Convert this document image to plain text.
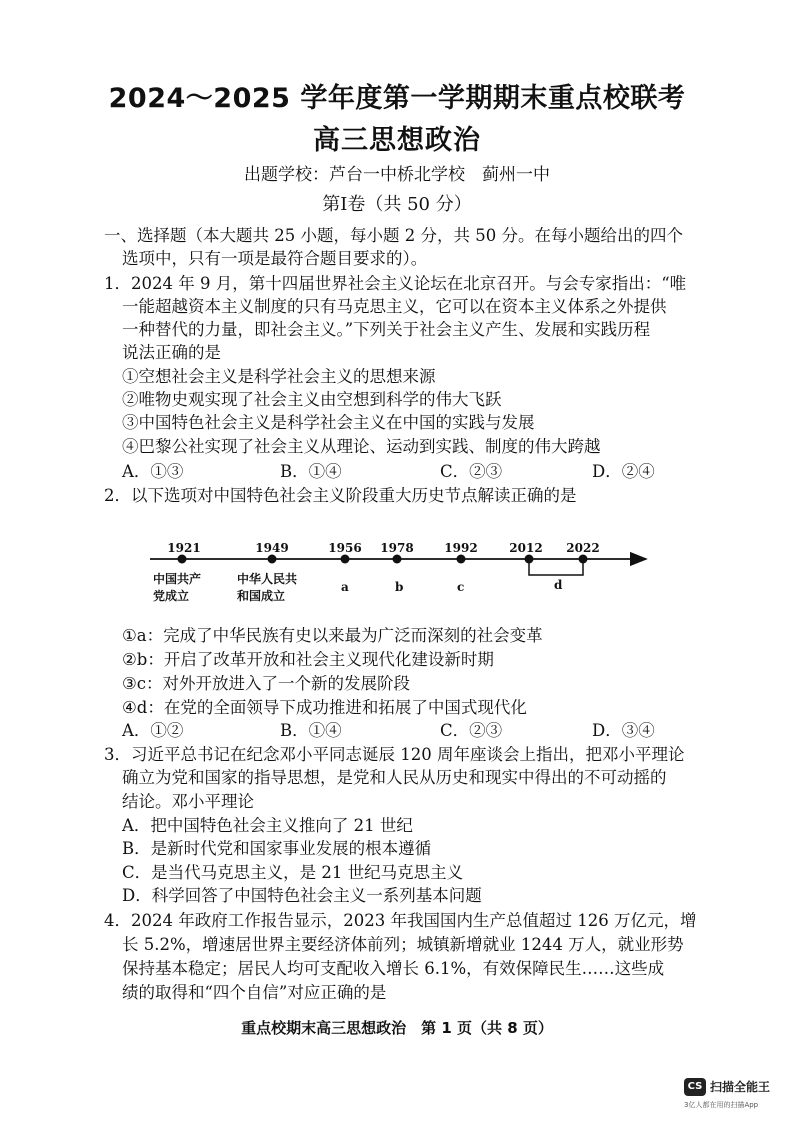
2024～2025 学年度第一学期期末重点校联考
高三思想政治
出题学校：芦台一中桥北学校　蓟州一中
第Ⅰ卷（共 50 分）
一、选择题（本大题共 25 小题，每小题 2 分，共 50 分。在每小题给出的四个
选项中，只有一项是最符合题目要求的）。
1．2024 年 9 月，第十四届世界社会主义论坛在北京召开。与会专家指出：“唯
一能超越资本主义制度的只有马克思主义，它可以在资本主义体系之外提供
一种替代的力量，即社会主义。”下列关于社会主义产生、发展和实践历程
说法正确的是
①空想社会主义是科学社会主义的思想来源
②唯物史观实现了社会主义由空想到科学的伟大飞跃
③中国特色社会主义是科学社会主义在中国的实践与发展
④巴黎公社实现了社会主义从理论、运动到实践、制度的伟大跨越
A．①③	B．①④	C．②③	D．②④
2．以下选项对中国特色社会主义阶段重大历史节点解读正确的是
1921	1949	1956 1978	1992	2012 2022
中国共产
党成立
中华人民共
和国成立
a	b	c	d
①a：完成了中华民族有史以来最为广泛而深刻的社会变革
②b：开启了改革开放和社会主义现代化建设新时期
③c：对外开放进入了一个新的发展阶段
④d：在党的全面领导下成功推进和拓展了中国式现代化
A．①②	B．①④	C．②③	D．③④
3．习近平总书记在纪念邓小平同志诞辰 120 周年座谈会上指出，把邓小平理论
确立为党和国家的指导思想，是党和人民从历史和现实中得出的不可动摇的
结论。邓小平理论
A．把中国特色社会主义推向了 21 世纪
B．是新时代党和国家事业发展的根本遵循
C．是当代马克思主义，是 21 世纪马克思主义
D．科学回答了中国特色社会主义一系列基本问题
4．2024 年政府工作报告显示，2023 年我国国内生产总值超过 126 万亿元，增
长 5.2%，增速居世界主要经济体前列；城镇新增就业 1244 万人，就业形势
保持基本稳定；居民人均可支配收入增长 6.1%，有效保障民生……这些成
绩的取得和“四个自信”对应正确的是
重点校期末高三思想政治　第 1 页（共 8 页）
CS 扫描全能王
3亿人都在用的扫描App
